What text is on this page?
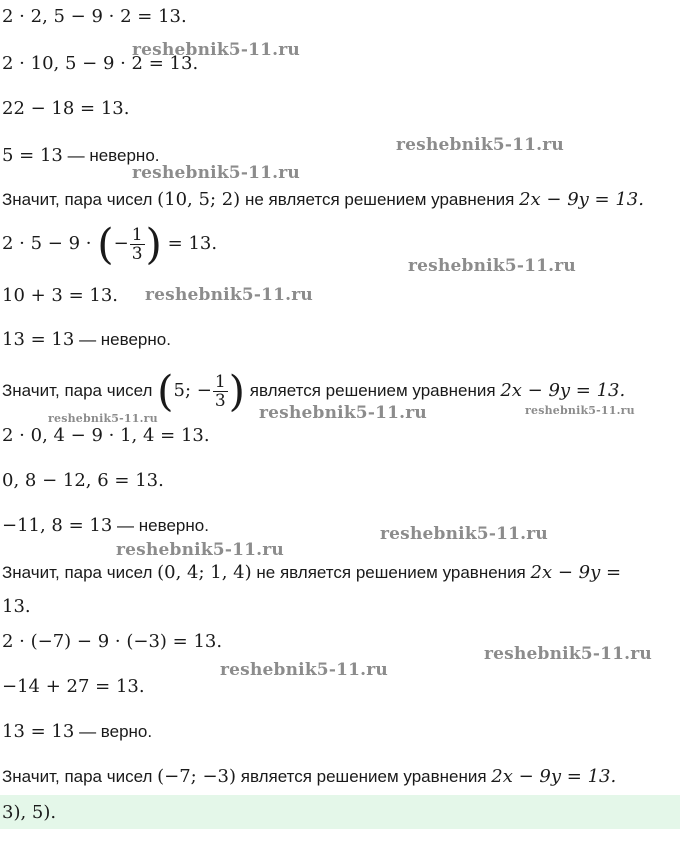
2 · 2, 5 − 9 · 2 = 13.
2 · 10, 5 − 9 · 2 = 13.
22 − 18 = 13.
5 = 13 — неверно.
Значит, пара чисел (10, 5; 2) не является решением уравнения 2x − 9y = 13.
2 · 5 − 9 · (− $\frac{1}{3}$ ) = 13.
10 + 3 = 13.
13 = 13 — неверно.
Значит, пара чисел (5; − $\frac{1}{3}$ ) является решением уравнения 2x − 9y = 13.
2 · 0, 4 − 9 · 1, 4 = 13.
0, 8 − 12, 6 = 13.
−11, 8 = 13 — неверно.
Значит, пара чисел (0, 4; 1, 4) не является решением уравнения 2x − 9y =
13.
2 · (−7) − 9 · (−3) = 13.
−14 + 27 = 13.
13 = 13 — верно.
Значит, пара чисел (−7; −3) является решением уравнения 2x − 9y = 13.
3), 5).
reshebnik5-11.ru
reshebnik5-11.ru
reshebnik5-11.ru
reshebnik5-11.ru
reshebnik5-11.ru
reshebnik5-11.ru	reshebnik5-11.ru	reshebnik5-11.ru
reshebnik5-11.ru
reshebnik5-11.ru
reshebnik5-11.ru
reshebnik5-11.ru
